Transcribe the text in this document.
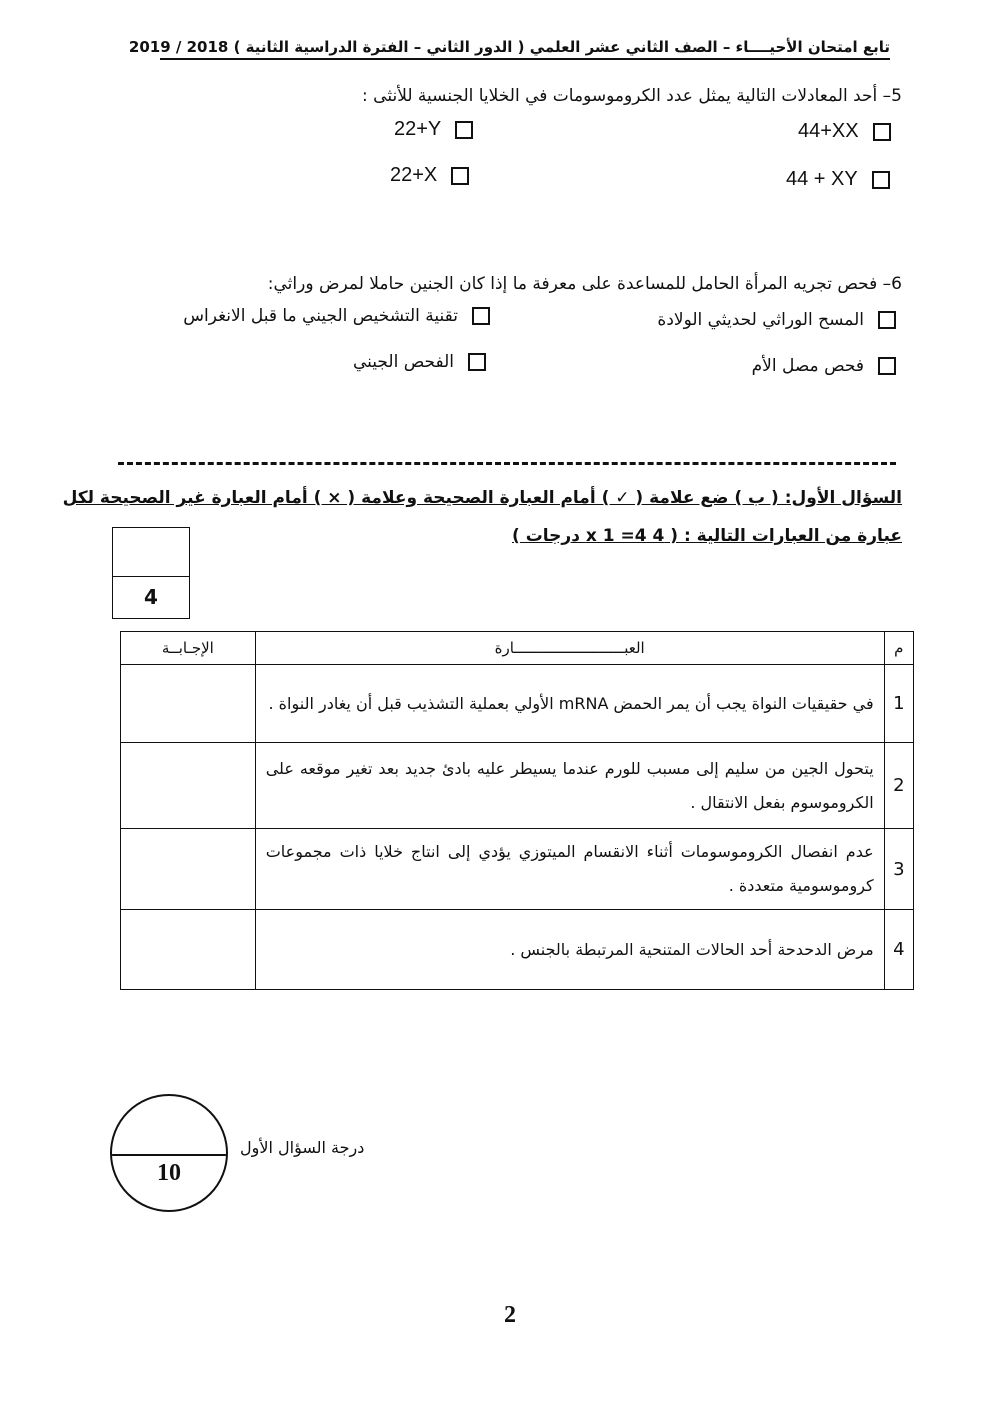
تابع امتحان الأحيــــاء – الصف الثاني عشر العلمي ( الدور الثاني – الفترة الدراسية الثانية ) 2018 / 2019
5– أحد المعادلات التالية يمثل عدد الكروموسومات في الخلايا الجنسية للأنثى :
44+XX
22+Y
44 + XY
22+X
6– فحص تجريه المرأة الحامل للمساعدة على معرفة ما إذا كان الجنين حاملا لمرض وراثي:
المسح الوراثي لحديثي الولادة
تقنية التشخيص الجيني ما قبل الانغراس
فحص مصل الأم
الفحص الجيني
السؤال الأول: ( ب ) ضع علامة ( ✓ ) أمام العبارة الصحيحة وعلامة ( × ) أمام العبارة غير الصحيحة لكل
عبارة من العبارات التالية : ( 4 x 1 =4 درجات )
4
م	العبـــــــــــــــــــــــــارة	الإجـابــة
1	في حقيقيات النواة يجب أن يمر الحمض mRNA الأولي بعملية التشذيب قبل أن يغادر النواة .	
2	يتحول الجين من سليم إلى مسبب للورم عندما يسيطر عليه بادئ جديد بعد تغير موقعه على الكروموسوم بفعل الانتقال .	
3	عدم انفصال الكروموسومات أثناء الانقسام الميتوزي يؤدي إلى انتاج خلايا ذات مجموعات كروموسومية متعددة .	
4	مرض الدحدحة أحد الحالات المتنحية المرتبطة بالجنس .	
10
درجة السؤال الأول
2
